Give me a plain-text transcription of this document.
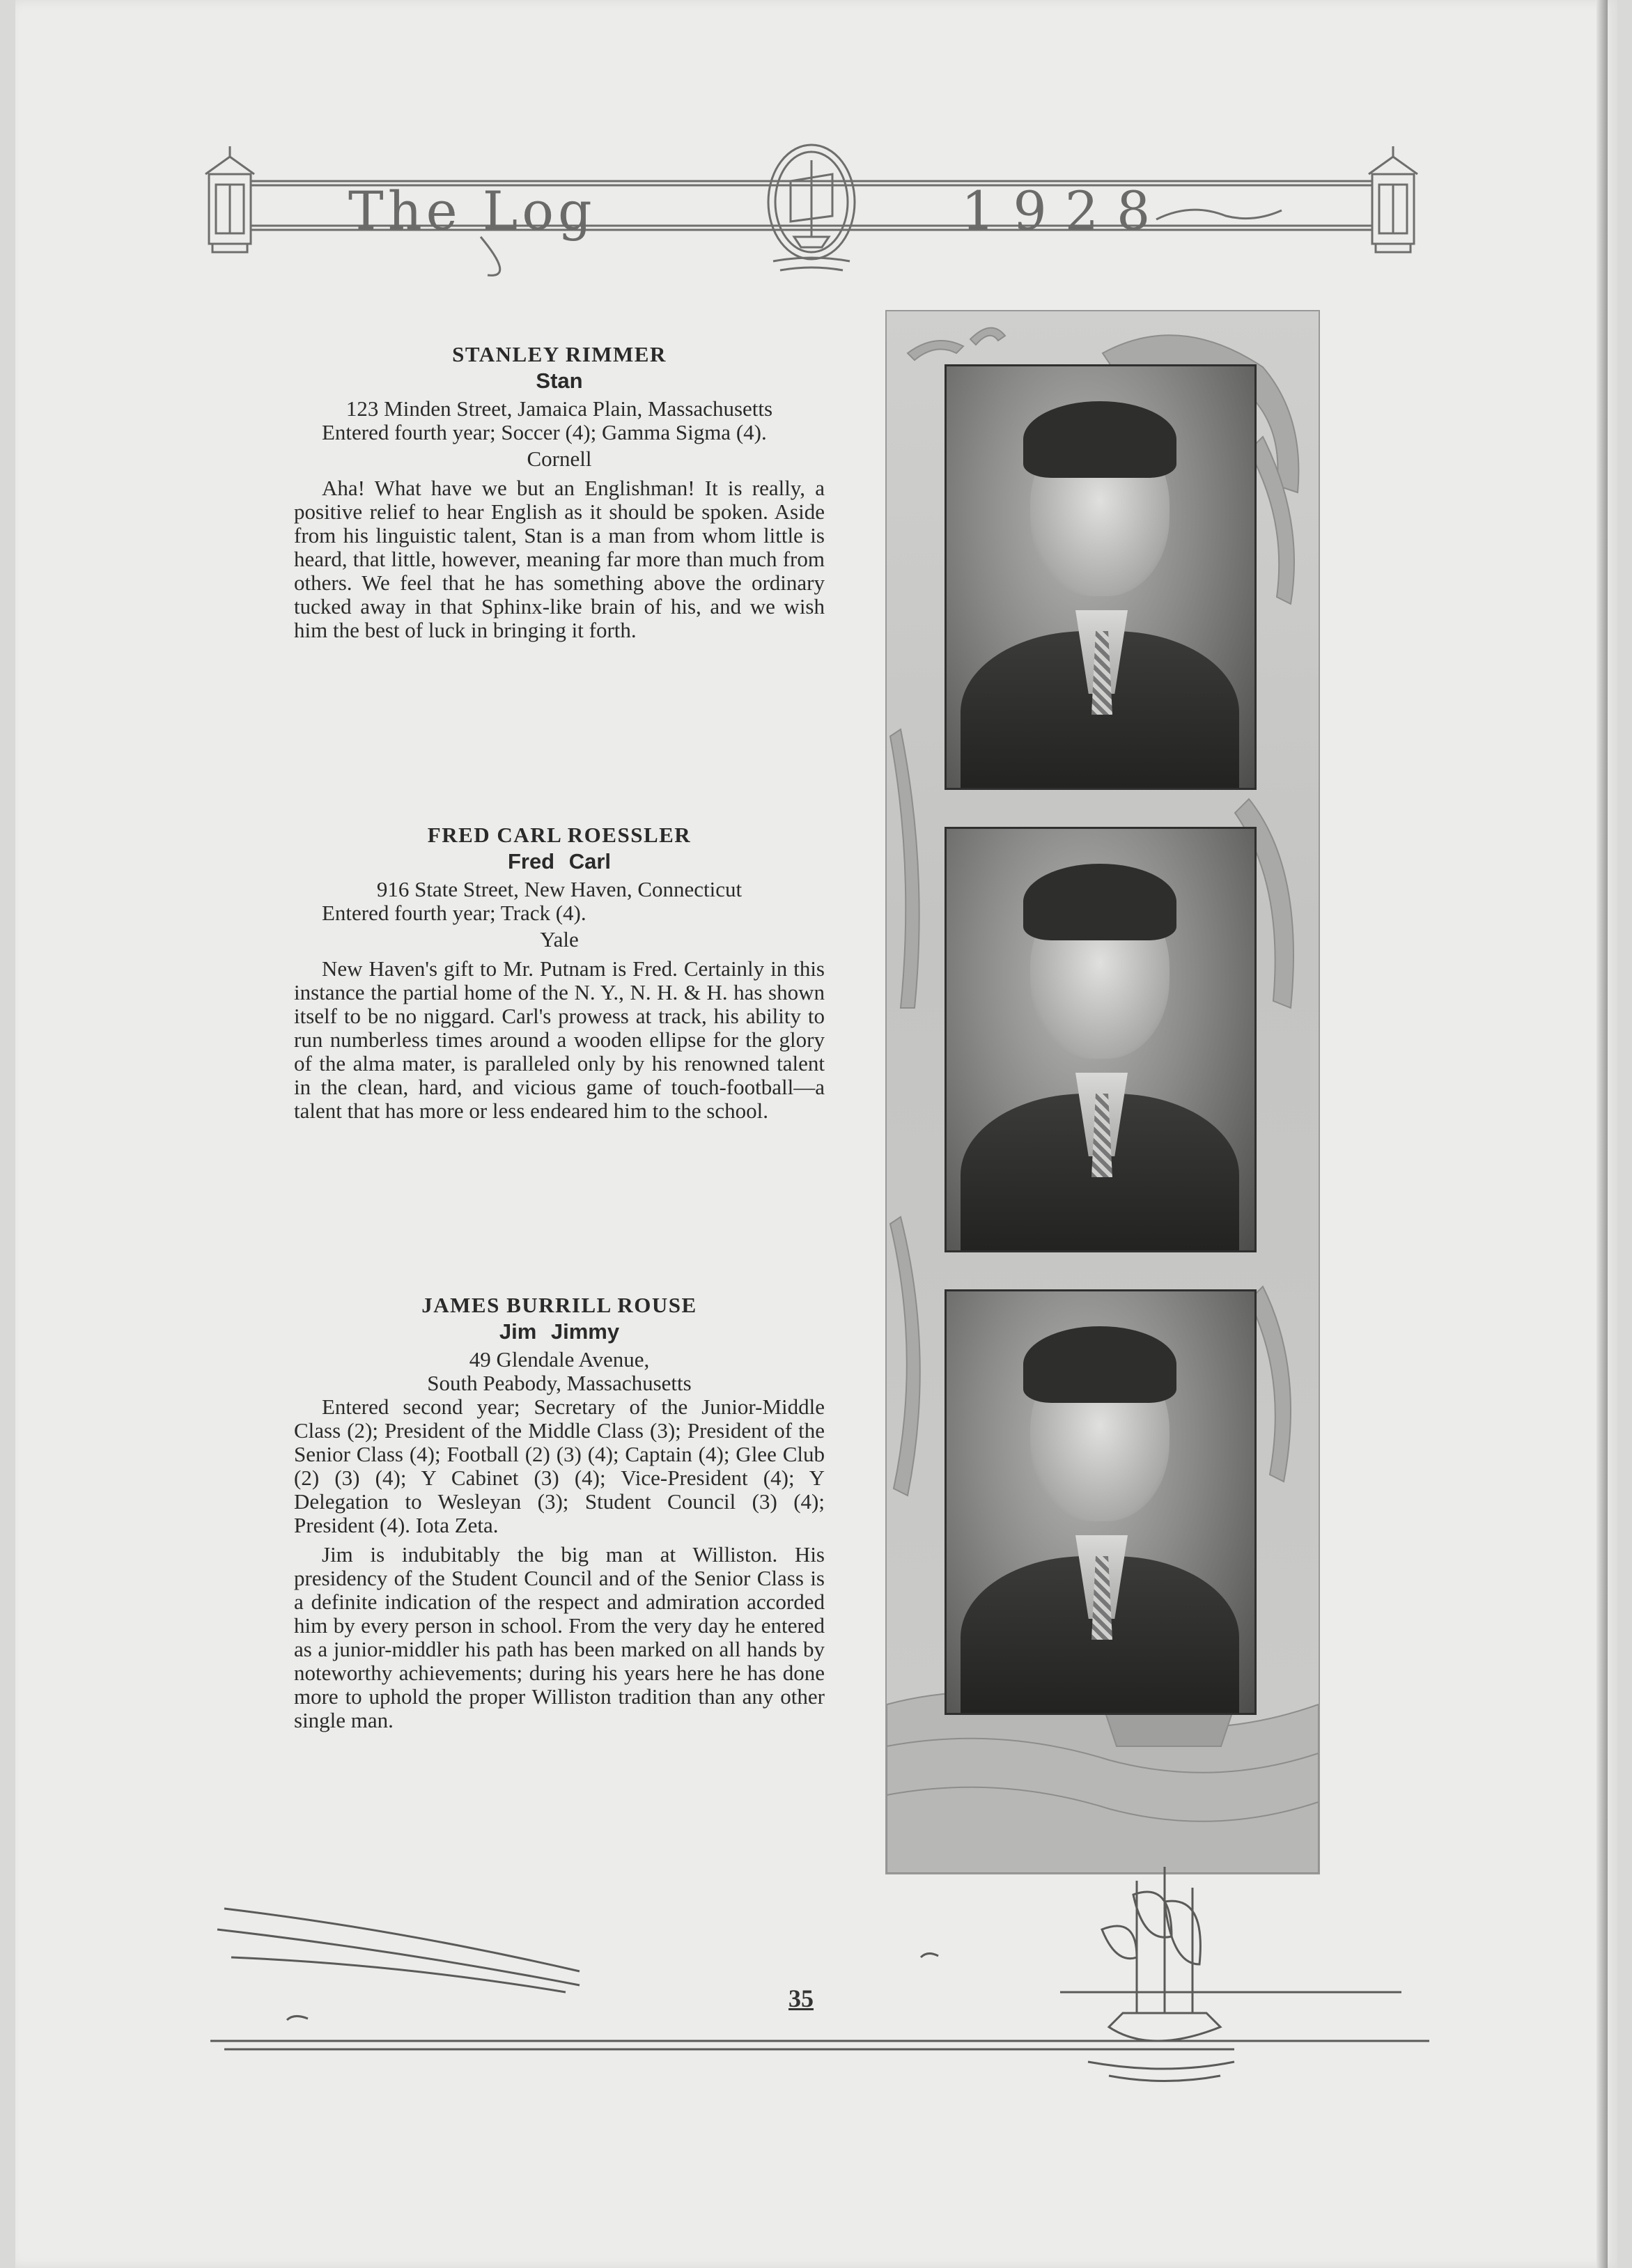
The Log	1928
STANLEY RIMMER
Stan
123 Minden Street, Jamaica Plain, Massachusetts
Entered fourth year; Soccer (4); Gamma Sigma (4).
Cornell
Aha! What have we but an Englishman! It is really, a positive relief to hear English as it should be spoken. Aside from his linguistic talent, Stan is a man from whom little is heard, that little, however, meaning far more than much from others. We feel that he has something above the ordinary tucked away in that Sphinx-like brain of his, and we wish him the best of luck in bringing it forth.
FRED CARL ROESSLER
Fred Carl
916 State Street, New Haven, Connecticut
Entered fourth year; Track (4).
Yale
New Haven's gift to Mr. Putnam is Fred. Certainly in this instance the partial home of the N. Y., N. H. & H. has shown itself to be no niggard. Carl's prowess at track, his ability to run numberless times around a wooden ellipse for the glory of the alma mater, is paralleled only by his renowned talent in the clean, hard, and vicious game of touch-football—a talent that has more or less endeared him to the school.
JAMES BURRILL ROUSE
Jim Jimmy
49 Glendale Avenue,
South Peabody, Massachusetts
Entered second year; Secretary of the Junior-Middle Class (2); President of the Middle Class (3); President of the Senior Class (4); Football (2) (3) (4); Captain (4); Glee Club (2) (3) (4); Y Cabinet (3) (4); Vice-President (4); Y Delegation to Wesleyan (3); Student Council (3) (4); President (4). Iota Zeta.
Jim is indubitably the big man at Williston. His presidency of the Student Council and of the Senior Class is a definite indication of the respect and admiration accorded him by every person in school. From the very day he entered as a junior-middler his path has been marked on all hands by noteworthy achievements; during his years here he has done more to uphold the proper Williston tradition than any other single man.
35
